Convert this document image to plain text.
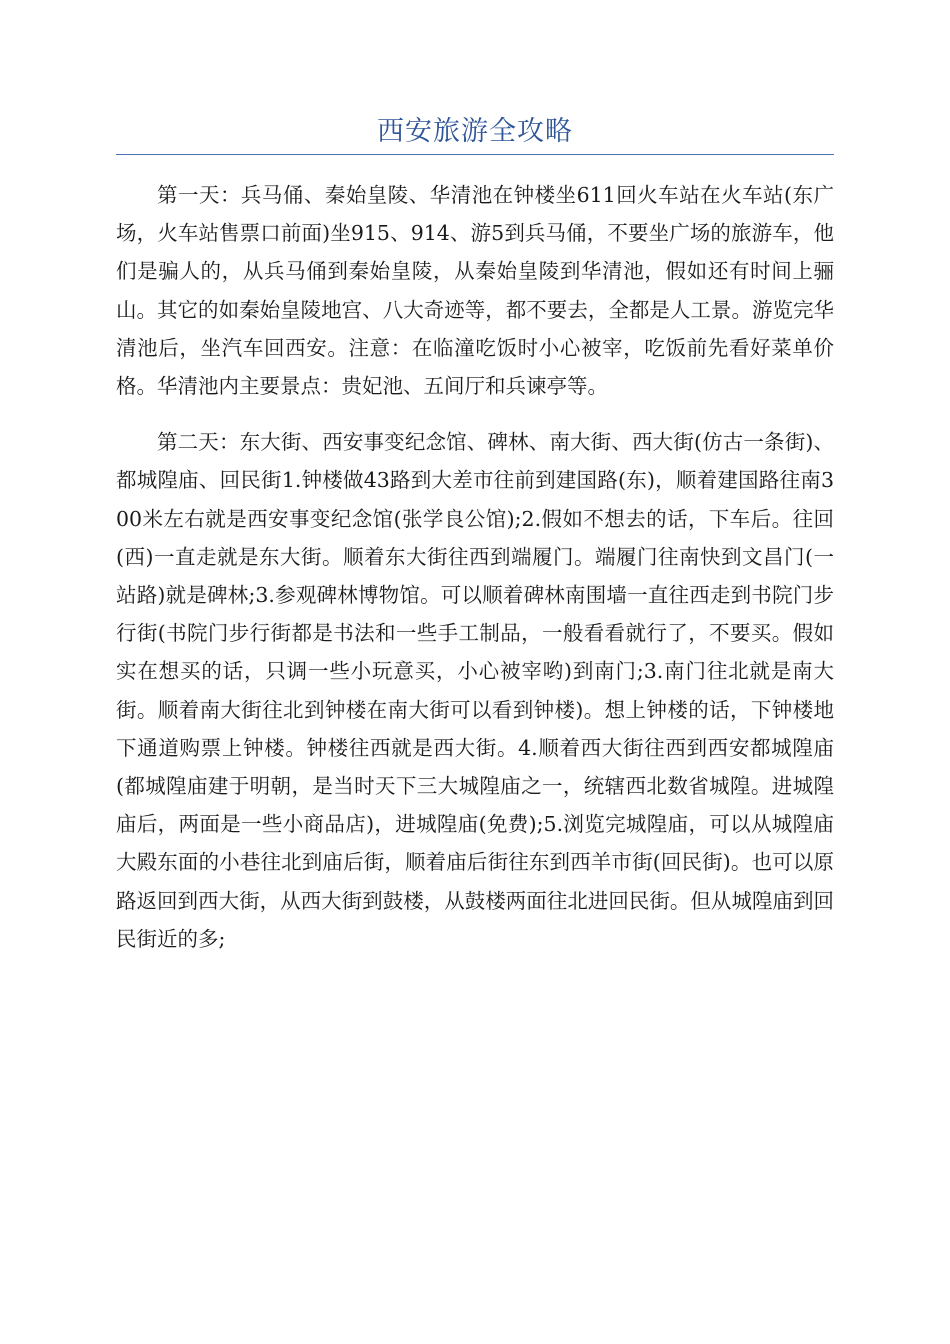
西安旅游全攻略

第一天：兵马俑、秦始皇陵、华清池在钟楼坐611回火车站在火车站(东广场，火车站售票口前面)坐915、914、游5到兵马俑，不要坐广场的旅游车，他们是骗人的，从兵马俑到秦始皇陵，从秦始皇陵到华清池，假如还有时间上骊山。其它的如秦始皇陵地宫、八大奇迹等，都不要去，全都是人工景。游览完华清池后，坐汽车回西安。注意：在临潼吃饭时小心被宰，吃饭前先看好菜单价格。华清池内主要景点：贵妃池、五间厅和兵谏亭等。

第二天：东大街、西安事变纪念馆、碑林、南大街、西大街(仿古一条街)、都城隍庙、回民街1.钟楼做43路到大差市往前到建国路(东)，顺着建国路往南300米左右就是西安事变纪念馆(张学良公馆);2.假如不想去的话，下车后。往回(西)一直走就是东大街。顺着东大街往西到端履门。端履门往南快到文昌门(一站路)就是碑林;3.参观碑林博物馆。可以顺着碑林南围墙一直往西走到书院门步行街(书院门步行街都是书法和一些手工制品，一般看看就行了，不要买。假如实在想买的话，只调一些小玩意买，小心被宰哟)到南门;3.南门往北就是南大街。顺着南大街往北到钟楼在南大街可以看到钟楼)。想上钟楼的话，下钟楼地下通道购票上钟楼。钟楼往西就是西大街。4.顺着西大街往西到西安都城隍庙(都城隍庙建于明朝，是当时天下三大城隍庙之一，统辖西北数省城隍。进城隍庙后，两面是一些小商品店)，进城隍庙(免费);5.浏览完城隍庙，可以从城隍庙大殿东面的小巷往北到庙后街，顺着庙后街往东到西羊市街(回民街)。也可以原路返回到西大街，从西大街到鼓楼，从鼓楼两面往北进回民街。但从城隍庙到回民街近的多;
